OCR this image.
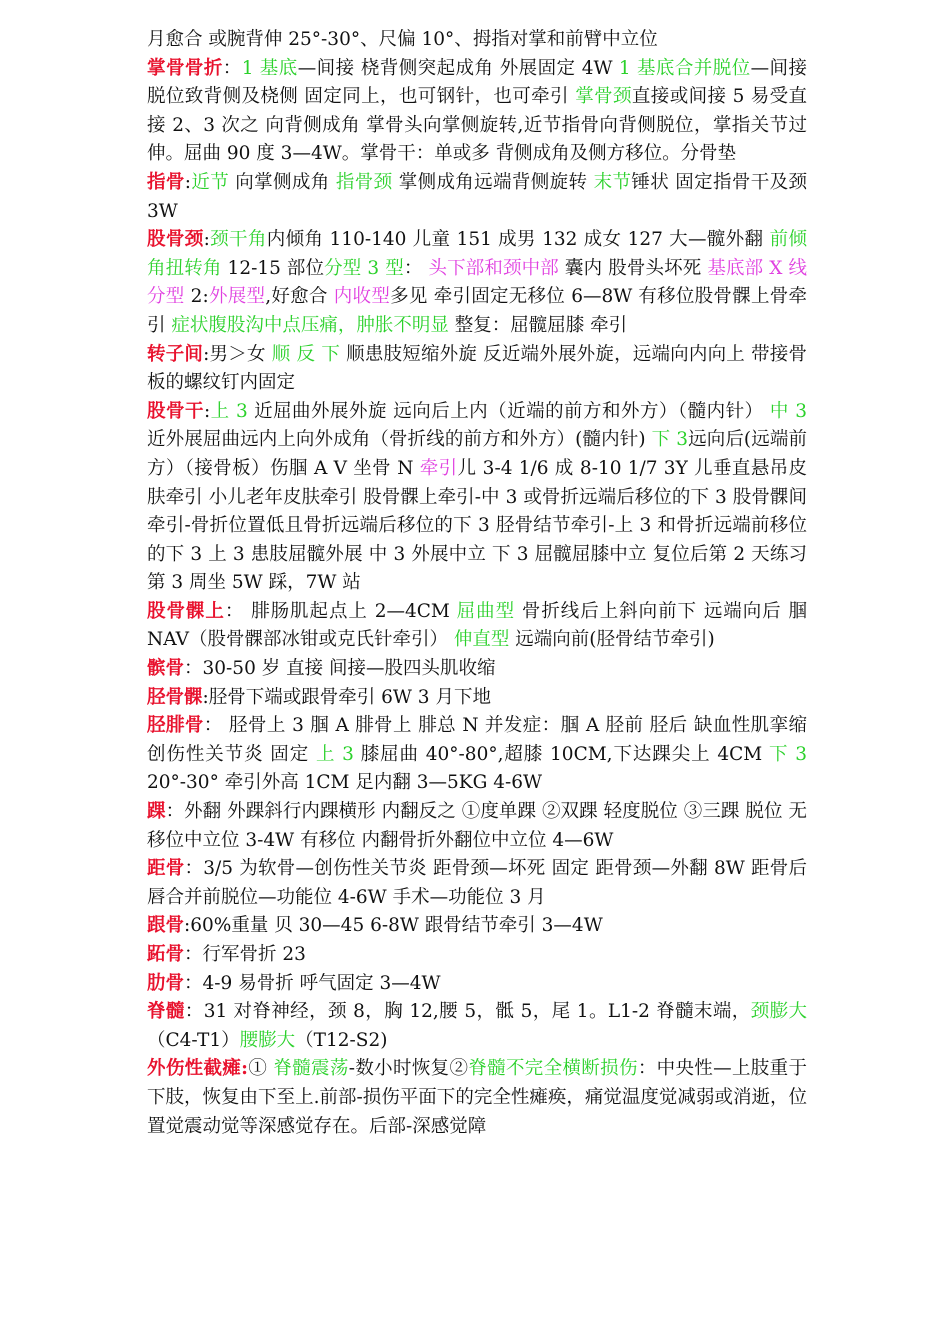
月愈合 或腕背伸 25°-30°、尺偏 10°、拇指对掌和前臂中立位

掌骨骨折：1 基底—间接 桡背侧突起成角 外展固定 4W 1 基底合并脱位—间接 脱位致背侧及桡侧 固定同上，也可钢针，也可牵引 掌骨颈直接或间接 5 易受直接 2、3 次之 向背侧成角 掌骨头向掌侧旋转,近节指骨向背侧脱位，掌指关节过伸。屈曲 90 度 3—4W。掌骨干：单或多 背侧成角及侧方移位。分骨垫

指骨:近节 向掌侧成角 指骨颈 掌侧成角远端背侧旋转 末节锤状 固定指骨干及颈 3W

股骨颈:颈干角内倾角 110-140 儿童 151 成男 132 成女 127 大—髋外翻 前倾角扭转角 12-15 部位分型 3 型： 头下部和颈中部 囊内 股骨头坏死 基底部 X 线分型 2:外展型,好愈合 内收型多见 牵引固定无移位 6—8W 有移位股骨髁上骨牵引 症状腹股沟中点压痛，肿胀不明显 整复：屈髋屈膝 牵引

转子间:男＞女 顺 反 下 顺患肢短缩外旋 反近端外展外旋，远端向内向上 带接骨板的螺纹钉内固定

股骨干:上 3 近屈曲外展外旋 远向后上内（近端的前方和外方）（髓内针） 中 3 近外展屈曲远内上向外成角（骨折线的前方和外方）(髓内针) 下 3远向后(远端前方）（接骨板）伤腘 A V 坐骨 N 牵引儿 3-4 1/6 成 8-10 1/7 3Y 儿垂直悬吊皮肤牵引 小儿老年皮肤牵引 股骨髁上牵引-中 3 或骨折远端后移位的下 3 股骨髁间牵引-骨折位置低且骨折远端后移位的下 3 胫骨结节牵引-上 3 和骨折远端前移位的下 3 上 3 患肢屈髋外展 中 3 外展中立 下 3 屈髋屈膝中立 复位后第 2 天练习 第 3 周坐 5W 踩，7W 站

股骨髁上： 腓肠肌起点上 2—4CM 屈曲型 骨折线后上斜向前下 远端向后 腘 NAV（股骨髁部冰钳或克氏针牵引） 伸直型 远端向前(胫骨结节牵引)

髌骨：30-50 岁 直接 间接—股四头肌收缩

胫骨髁:胫骨下端或跟骨牵引 6W 3 月下地

胫腓骨： 胫骨上 3 腘 A 腓骨上 腓总 N 并发症：腘 A 胫前 胫后 缺血性肌挛缩 创伤性关节炎 固定 上 3 膝屈曲 40°-80°,超膝 10CM,下达踝尖上 4CM 下 3 20°-30° 牵引外高 1CM 足内翻 3—5KG 4-6W

踝：外翻 外踝斜行内踝横形 内翻反之 ①度单踝 ②双踝 轻度脱位 ③三踝 脱位 无移位中立位 3-4W 有移位 内翻骨折外翻位中立位 4—6W

距骨：3/5 为软骨—创伤性关节炎 距骨颈—坏死 固定 距骨颈—外翻 8W 距骨后唇合并前脱位—功能位 4-6W 手术—功能位 3 月

跟骨:60%重量 贝 30—45 6-8W 跟骨结节牵引 3—4W

跖骨：行军骨折 23

肋骨：4-9 易骨折 呼气固定 3—4W

脊髓：31 对脊神经，颈 8，胸 12,腰 5，骶 5，尾 1。L1-2 脊髓末端，颈膨大（C4-T1）腰膨大（T12-S2)

外伤性截瘫:① 脊髓震荡-数小时恢复②脊髓不完全横断损伤：中央性—上肢重于下肢，恢复由下至上.前部-损伤平面下的完全性瘫痪，痛觉温度觉减弱或消逝，位置觉震动觉等深感觉存在。后部-深感觉障
